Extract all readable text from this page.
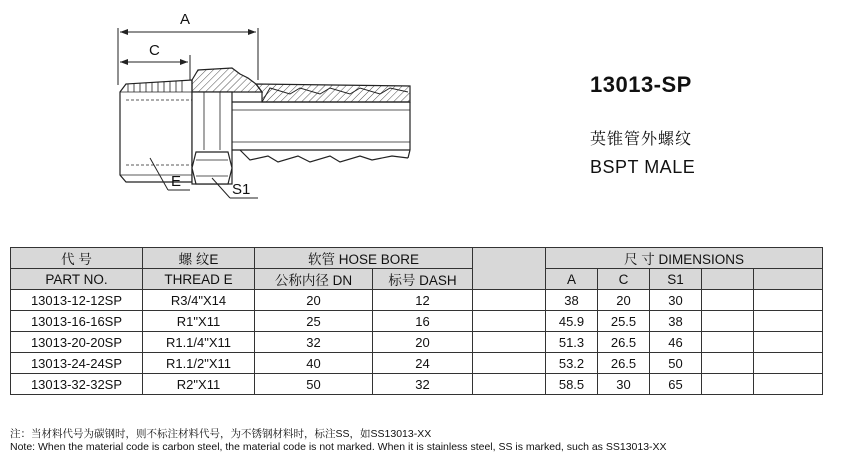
A
C
E	S1
13013-SP
英锥管外螺纹
BSPT MALE
代 号	螺 纹E	软管 HOSE BORE			尺 寸 DIMENSIONS				
PART NO.	THREAD E	公称内径 DN	标号 DASH		A	C	S1		
13013-12-12SP	R3/4"X14	20	12		38	20	30		
13013-16-16SP	R1"X11	25	16		45.9	25.5	38		
13013-20-20SP	R1.1/4"X11	32	20		51.3	26.5	46		
13013-24-24SP	R1.1/2"X11	40	24		53.2	26.5	50		
13013-32-32SP	R2"X11	50	32		58.5	30	65		
注：当材料代号为碳钢时，则不标注材料代号，为不锈钢材料时，标注SS，如SS13013-XX
Note: When the material code is carbon steel, the material code is not marked. When it is stainless steel, SS is marked, such as SS13013-XX
